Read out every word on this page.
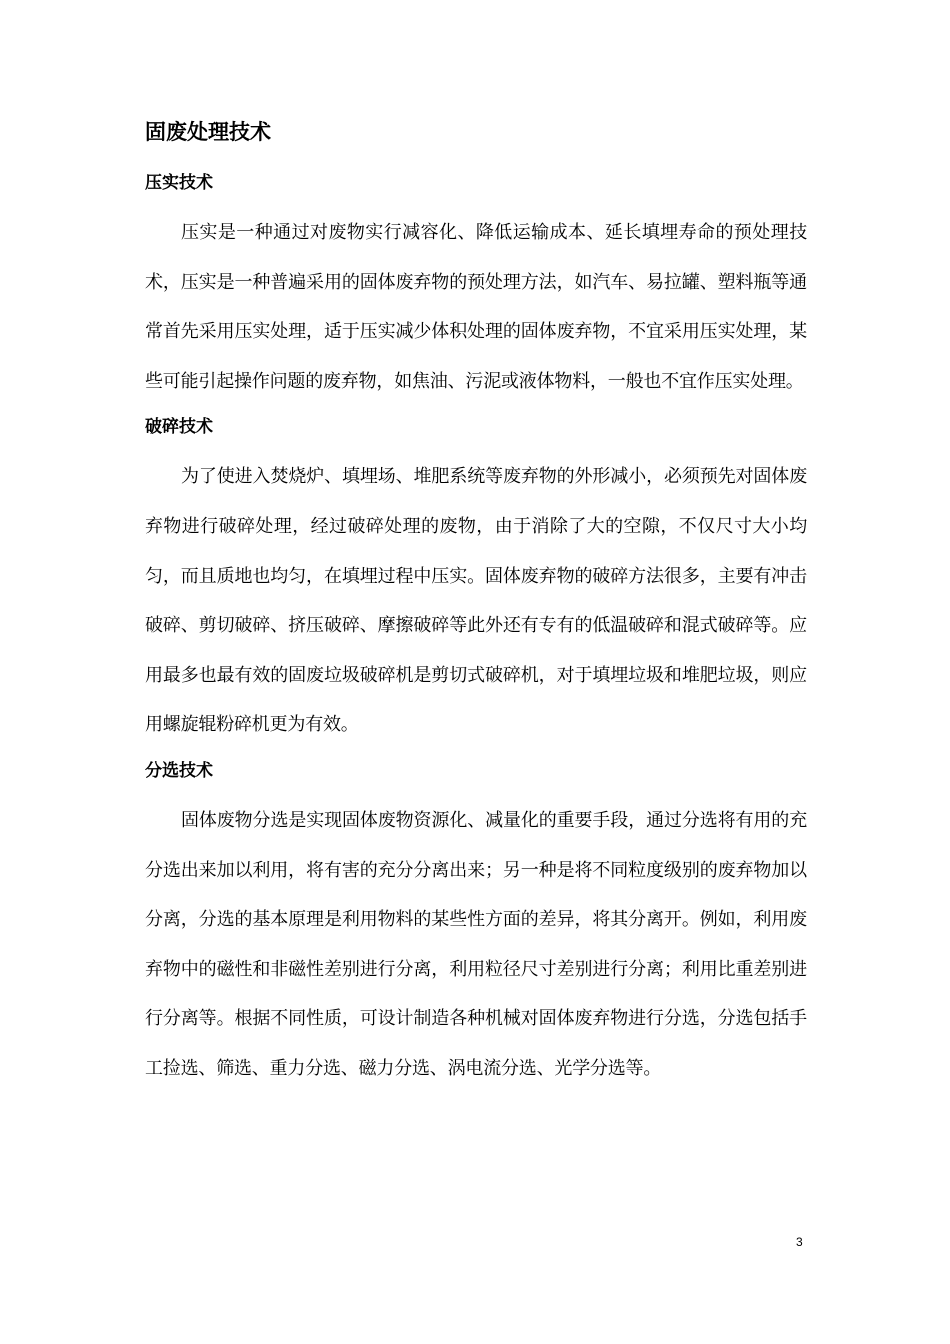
固废处理技术
压实技术

压实是一种通过对废物实行减容化、降低运输成本、延长填埋寿命的预处理技术，压实是一种普遍采用的固体废弃物的预处理方法，如汽车、易拉罐、塑料瓶等通常首先采用压实处理，适于压实减少体积处理的固体废弃物，不宜采用压实处理，某些可能引起操作问题的废弃物，如焦油、污泥或液体物料，一般也不宜作压实处理。

破碎技术

为了使进入焚烧炉、填埋场、堆肥系统等废弃物的外形减小，必须预先对固体废弃物进行破碎处理，经过破碎处理的废物，由于消除了大的空隙，不仅尺寸大小均匀，而且质地也均匀，在填埋过程中压实。固体废弃物的破碎方法很多，主要有冲击破碎、剪切破碎、挤压破碎、摩擦破碎等此外还有专有的低温破碎和混式破碎等。应用最多也最有效的固废垃圾破碎机是剪切式破碎机，对于填埋垃圾和堆肥垃圾，则应用螺旋辊粉碎机更为有效。

分选技术

固体废物分选是实现固体废物资源化、减量化的重要手段，通过分选将有用的充分选出来加以利用，将有害的充分分离出来；另一种是将不同粒度级别的废弃物加以分离，分选的基本原理是利用物料的某些性方面的差异，将其分离开。例如，利用废弃物中的磁性和非磁性差别进行分离，利用粒径尺寸差别进行分离；利用比重差别进行分离等。根据不同性质，可设计制造各种机械对固体废弃物进行分选，分选包括手工捡选、筛选、重力分选、磁力分选、涡电流分选、光学分选等。

3
